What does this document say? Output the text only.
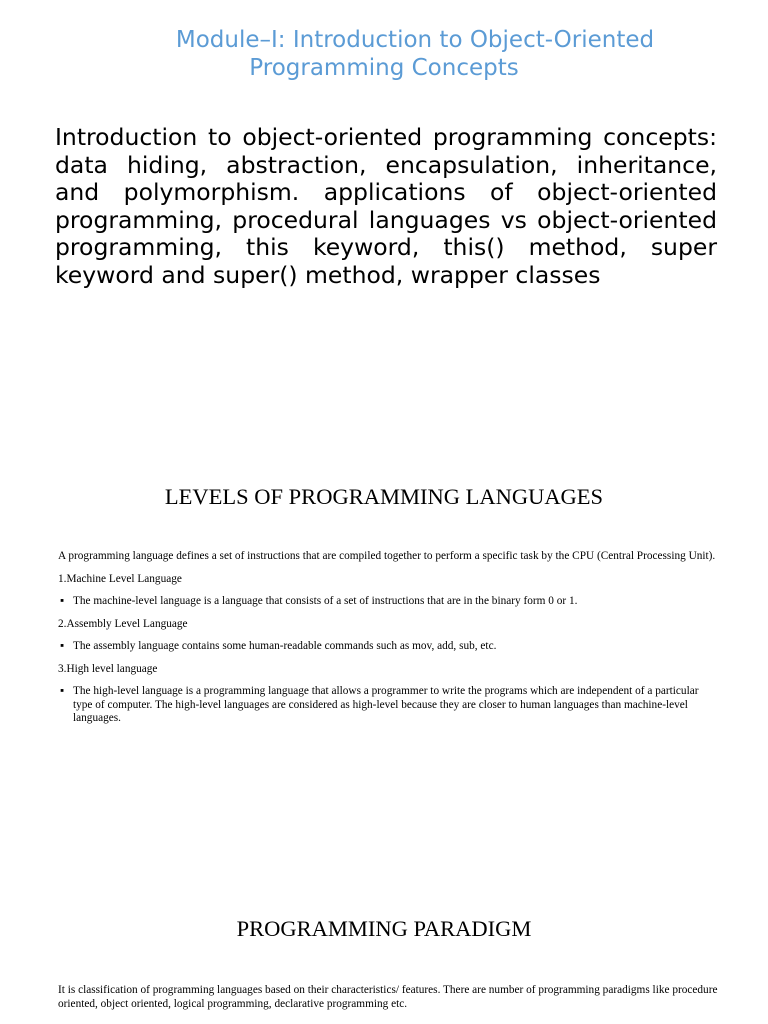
Module–I: Introduction to Object-Oriented
Programming Concepts

Introduction to object-oriented programming concepts: data hiding, abstraction, encapsulation, inheritance, and polymorphism. applications of object-oriented programming, procedural languages vs object-oriented programming, this keyword, this() method, super keyword and super() method, wrapper classes

LEVELS OF PROGRAMMING LANGUAGES

A programming language defines a set of instructions that are compiled together to perform a specific task by the CPU (Central Processing Unit).

1.Machine Level Language

▪ The machine-level language is a language that consists of a set of instructions that are in the binary form 0 or 1.

2.Assembly Level Language

▪ The assembly language contains some human-readable commands such as mov, add, sub, etc.

3.High level language

▪ The high-level language is a programming language that allows a programmer to write the programs which are independent of a particular type of computer. The high-level languages are considered as high-level because they are closer to human languages than machine-level languages.

PROGRAMMING PARADIGM

It is classification of programming languages based on their characteristics/ features. There are number of programming paradigms like procedure oriented, object oriented, logical programming, declarative programming etc.
